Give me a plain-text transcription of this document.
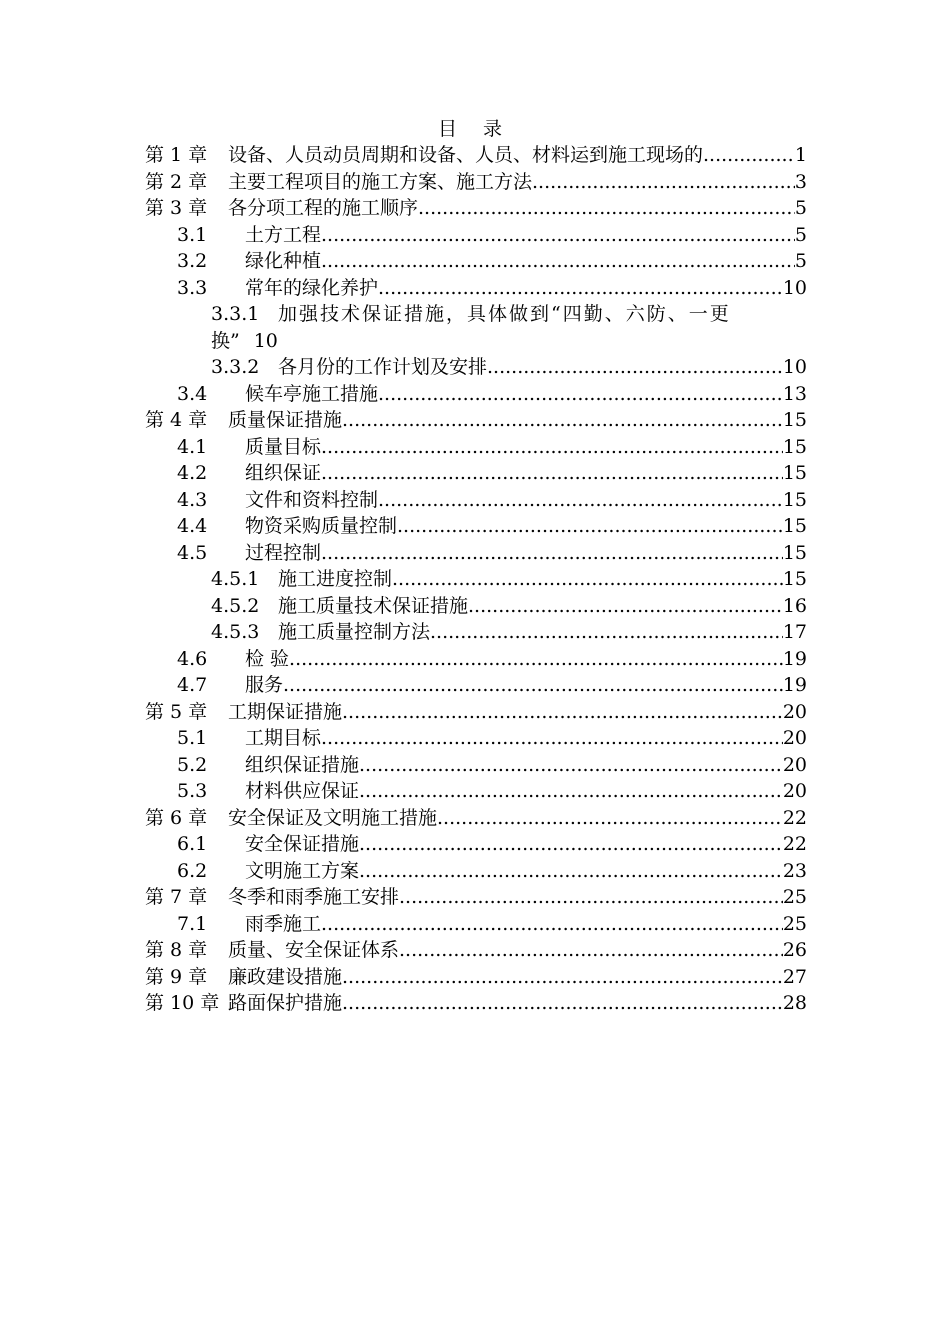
目 录
第 1 章	设备、人员动员周期和设备、人员、材料运到施工现场的 .....	1
第 2 章	主要工程项目的施工方案、施工方法 .....	3
第 3 章	各分项工程的施工顺序 .....	5
3.1	土方工程 .....	5
3.2	绿化种植 .....	5
3.3	常年的绿化养护 .....	10
3.3.1 加强技术保证措施，具体做到“四勤、六防、一更
换” 10
3.3.2 各月份的工作计划及安排 .....	10
3.4	候车亭施工措施 .....	13
第 4 章	质量保证措施 .....	15
4.1	质量目标 .....	15
4.2	组织保证 .....	15
4.3	文件和资料控制 .....	15
4.4	物资采购质量控制 .....	15
4.5	过程控制 .....	15
4.5.1 施工进度控制 .....	15
4.5.2 施工质量技术保证措施 .....	16
4.5.3 施工质量控制方法 .....	17
4.6	检 验 .....	19
4.7	服务 .....	19
第 5 章	工期保证措施 .....	20
5.1	工期目标 .....	20
5.2	组织保证措施 .....	20
5.3	材料供应保证 .....	20
第 6 章	安全保证及文明施工措施 .....	22
6.1	安全保证措施 .....	22
6.2	文明施工方案 .....	23
第 7 章	冬季和雨季施工安排 .....	25
7.1	雨季施工 .....	25
第 8 章	质量、安全保证体系 .....	26
第 9 章	廉政建设措施 .....	27
第 10 章 路面保护措施 .....	28
